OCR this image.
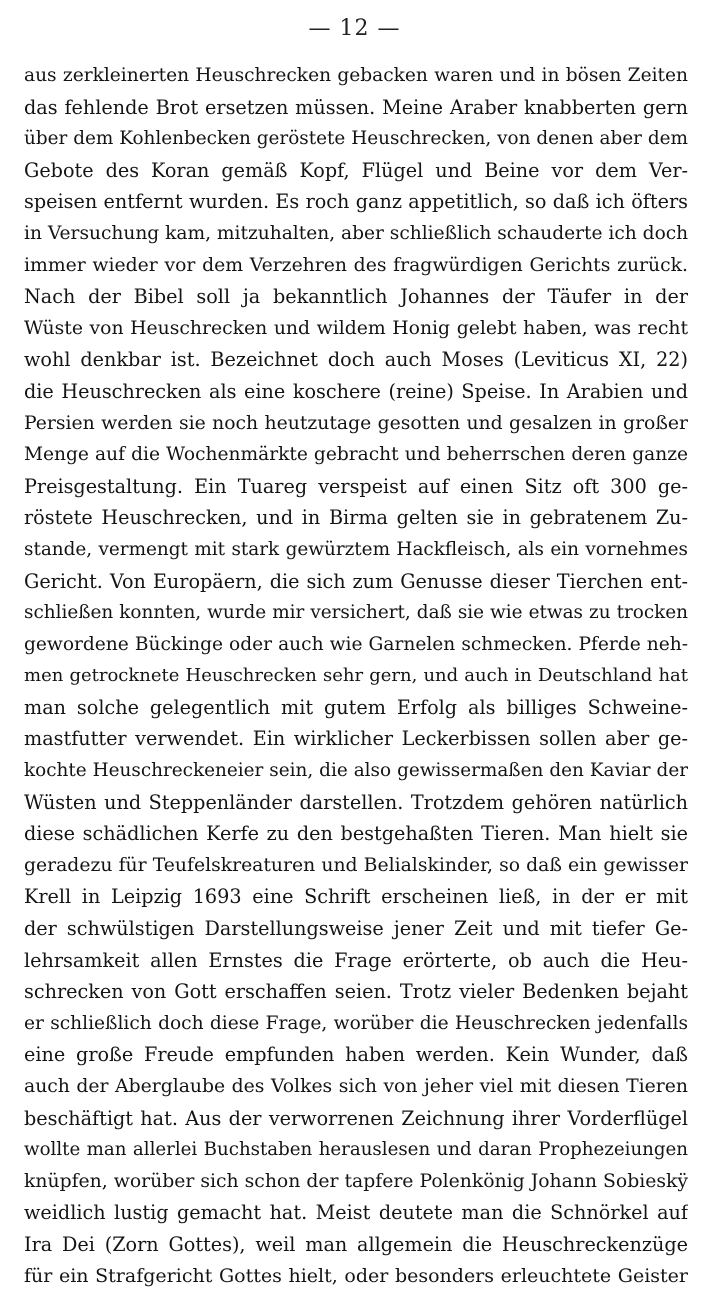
— 12 —
aus zerkleinerten Heuschrecken gebacken waren und in bösen Zeiten
das fehlende Brot ersetzen müssen. Meine Araber knabberten gern
über dem Kohlenbecken geröstete Heuschrecken, von denen aber dem
Gebote des Koran gemäß Kopf, Flügel und Beine vor dem Ver-
speisen entfernt wurden. Es roch ganz appetitlich, so daß ich öfters
in Versuchung kam, mitzuhalten, aber schließlich schauderte ich doch
immer wieder vor dem Verzehren des fragwürdigen Gerichts zurück.
Nach der Bibel soll ja bekanntlich Johannes der Täufer in der
Wüste von Heuschrecken und wildem Honig gelebt haben, was recht
wohl denkbar ist. Bezeichnet doch auch Moses (Leviticus XI, 22)
die Heuschrecken als eine koschere (reine) Speise. In Arabien und
Persien werden sie noch heutzutage gesotten und gesalzen in großer
Menge auf die Wochenmärkte gebracht und beherrschen deren ganze
Preisgestaltung. Ein Tuareg verspeist auf einen Sitz oft 300 ge-
röstete Heuschrecken, und in Birma gelten sie in gebratenem Zu-
stande, vermengt mit stark gewürztem Hackfleisch, als ein vornehmes
Gericht. Von Europäern, die sich zum Genusse dieser Tierchen ent-
schließen konnten, wurde mir versichert, daß sie wie etwas zu trocken
gewordene Bückinge oder auch wie Garnelen schmecken. Pferde neh-
men getrocknete Heuschrecken sehr gern, und auch in Deutschland hat
man solche gelegentlich mit gutem Erfolg als billiges Schweine-
mastfutter verwendet. Ein wirklicher Leckerbissen sollen aber ge-
kochte Heuschreckeneier sein, die also gewissermaßen den Kaviar der
Wüsten und Steppenländer darstellen. Trotzdem gehören natürlich
diese schädlichen Kerfe zu den bestgehaßten Tieren. Man hielt sie
geradezu für Teufelskreaturen und Belialskinder, so daß ein gewisser
Krell in Leipzig 1693 eine Schrift erscheinen ließ, in der er mit
der schwülstigen Darstellungsweise jener Zeit und mit tiefer Ge-
lehrsamkeit allen Ernstes die Frage erörterte, ob auch die Heu-
schrecken von Gott erschaffen seien. Trotz vieler Bedenken bejaht
er schließlich doch diese Frage, worüber die Heuschrecken jedenfalls
eine große Freude empfunden haben werden. Kein Wunder, daß
auch der Aberglaube des Volkes sich von jeher viel mit diesen Tieren
beschäftigt hat. Aus der verworrenen Zeichnung ihrer Vorderflügel
wollte man allerlei Buchstaben herauslesen und daran Prophezeiungen
knüpfen, worüber sich schon der tapfere Polenkönig Johann Sobieskÿ
weidlich lustig gemacht hat. Meist deutete man die Schnörkel auf
Ira Dei (Zorn Gottes), weil man allgemein die Heuschreckenzüge
für ein Strafgericht Gottes hielt, oder besonders erleuchtete Geister
